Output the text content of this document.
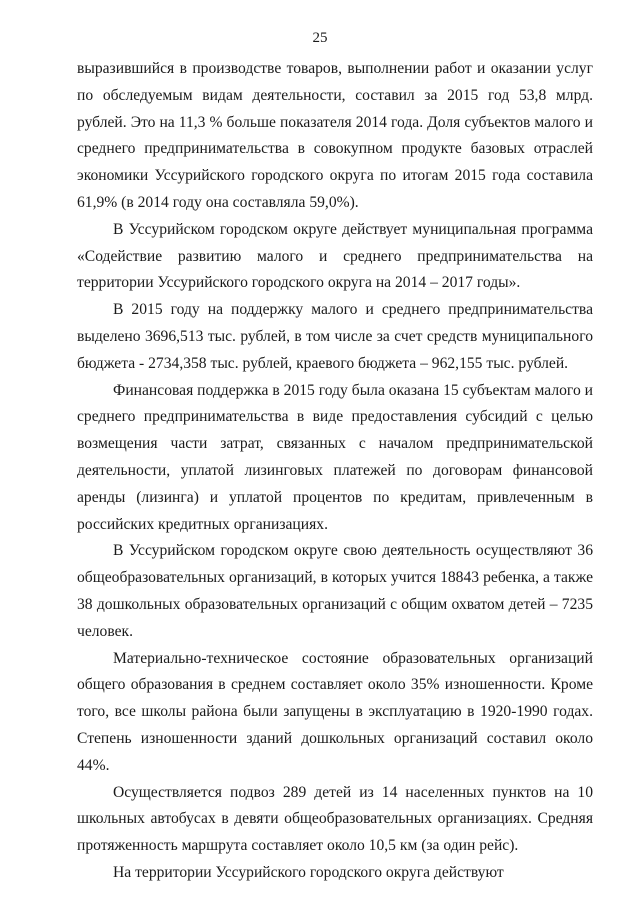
25

выразившийся в производстве товаров, выполнении работ и оказании услуг по обследуемым видам деятельности, составил за 2015 год 53,8 млрд. рублей. Это на 11,3 % больше показателя 2014 года. Доля субъектов малого и среднего предпринимательства в совокупном продукте базовых отраслей экономики Уссурийского городского округа по итогам 2015 года составила 61,9% (в 2014 году она составляла 59,0%).

В Уссурийском городском округе действует муниципальная программа «Содействие развитию малого и среднего предпринимательства на территории Уссурийского городского округа на 2014 – 2017 годы».

В 2015 году на поддержку малого и среднего предпринимательства выделено 3696,513 тыс. рублей, в том числе за счет средств муниципального бюджета - 2734,358 тыс. рублей, краевого бюджета – 962,155 тыс. рублей.

Финансовая поддержка в 2015 году была оказана 15 субъектам малого и среднего предпринимательства в виде предоставления субсидий с целью возмещения части затрат, связанных с началом предпринимательской деятельности, уплатой лизинговых платежей по договорам финансовой аренды (лизинга) и уплатой процентов по кредитам, привлеченным в российских кредитных организациях.

В Уссурийском городском округе свою деятельность осуществляют 36 общеобразовательных организаций, в которых учится 18843 ребенка, а также 38 дошкольных образовательных организаций с общим охватом детей – 7235 человек.

Материально-техническое состояние образовательных организаций общего образования в среднем составляет около 35% изношенности. Кроме того, все школы района были запущены в эксплуатацию в 1920-1990 годах. Степень изношенности зданий дошкольных организаций составил около 44%.

Осуществляется подвоз 289 детей из 14 населенных пунктов на 10 школьных автобусах в девяти общеобразовательных организациях. Средняя протяженность маршрута составляет около 10,5 км (за один рейс).

На территории Уссурийского городского округа действуют
